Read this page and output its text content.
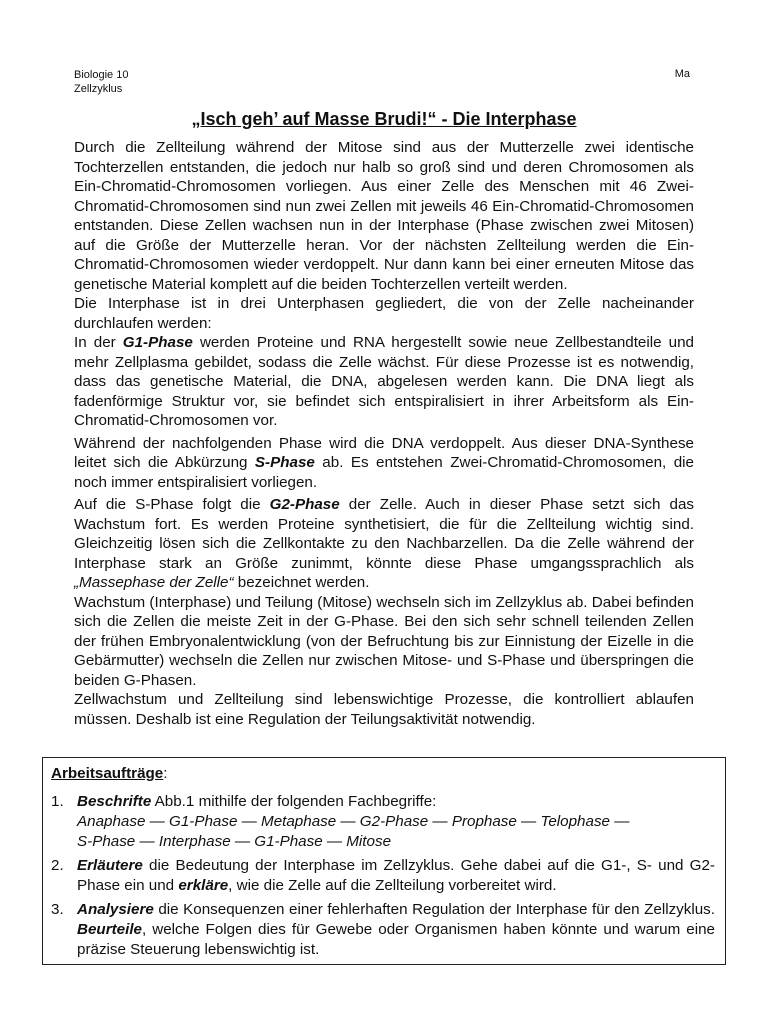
Biologie 10
Zellzyklus
Ma
„Isch geh’ auf Masse Brudi!“ - Die Interphase

Durch die Zellteilung während der Mitose sind aus der Mutterzelle zwei identische Tochterzellen entstanden, die jedoch nur halb so groß sind und deren Chromosomen als Ein-Chromatid-Chromosomen vorliegen. Aus einer Zelle des Menschen mit 46 Zwei-Chromatid-Chromosomen sind nun zwei Zellen mit jeweils 46 Ein-Chromatid-Chromosomen entstanden. Diese Zellen wachsen nun in der Interphase (Phase zwischen zwei Mitosen) auf die Größe der Mutterzelle heran. Vor der nächsten Zellteilung werden die Ein-Chromatid-Chromosomen wieder verdoppelt. Nur dann kann bei einer erneuten Mitose das genetische Material komplett auf die beiden Tochterzellen verteilt werden.

Die Interphase ist in drei Unterphasen gegliedert, die von der Zelle nacheinander durchlaufen werden:

In der G1-Phase werden Proteine und RNA hergestellt sowie neue Zellbestandteile und mehr Zellplasma gebildet, sodass die Zelle wächst. Für diese Prozesse ist es notwendig, dass das genetische Material, die DNA, abgelesen werden kann. Die DNA liegt als fadenförmige Struktur vor, sie befindet sich entspiralisiert in ihrer Arbeitsform als Ein-Chromatid-Chromosomen vor.

Während der nachfolgenden Phase wird die DNA verdoppelt. Aus dieser DNA-Synthese leitet sich die Abkürzung S-Phase ab. Es entstehen Zwei-Chromatid-Chromosomen, die noch immer entspiralisiert vorliegen.

Auf die S-Phase folgt die G2-Phase der Zelle. Auch in dieser Phase setzt sich das Wachstum fort. Es werden Proteine synthetisiert, die für die Zellteilung wichtig sind. Gleichzeitig lösen sich die Zellkontakte zu den Nachbarzellen. Da die Zelle während der Interphase stark an Größe zunimmt, könnte diese Phase umgangssprachlich als „Massephase der Zelle“ bezeichnet werden.

Wachstum (Interphase) und Teilung (Mitose) wechseln sich im Zellzyklus ab. Dabei befinden sich die Zellen die meiste Zeit in der G-Phase. Bei den sich sehr schnell teilenden Zellen der frühen Embryonalentwicklung (von der Befruchtung bis zur Einnistung der Eizelle in die Gebärmutter) wechseln die Zellen nur zwischen Mitose- und S-Phase und überspringen die beiden G-Phasen.

Zellwachstum und Zellteilung sind lebenswichtige Prozesse, die kontrolliert ablaufen müssen. Deshalb ist eine Regulation der Teilungsaktivität notwendig.

Arbeitsaufträge:
1. Beschrifte Abb.1 mithilfe der folgenden Fachbegriffe:
Anaphase — G1-Phase — Metaphase — G2-Phase — Prophase — Telophase —
S-Phase — Interphase — G1-Phase — Mitose
2. Erläutere die Bedeutung der Interphase im Zellzyklus. Gehe dabei auf die G1-, S- und G2-Phase ein und erkläre, wie die Zelle auf die Zellteilung vorbereitet wird.
3. Analysiere die Konsequenzen einer fehlerhaften Regulation der Interphase für den Zellzyklus. Beurteile, welche Folgen dies für Gewebe oder Organismen haben könnte und warum eine präzise Steuerung lebenswichtig ist.
